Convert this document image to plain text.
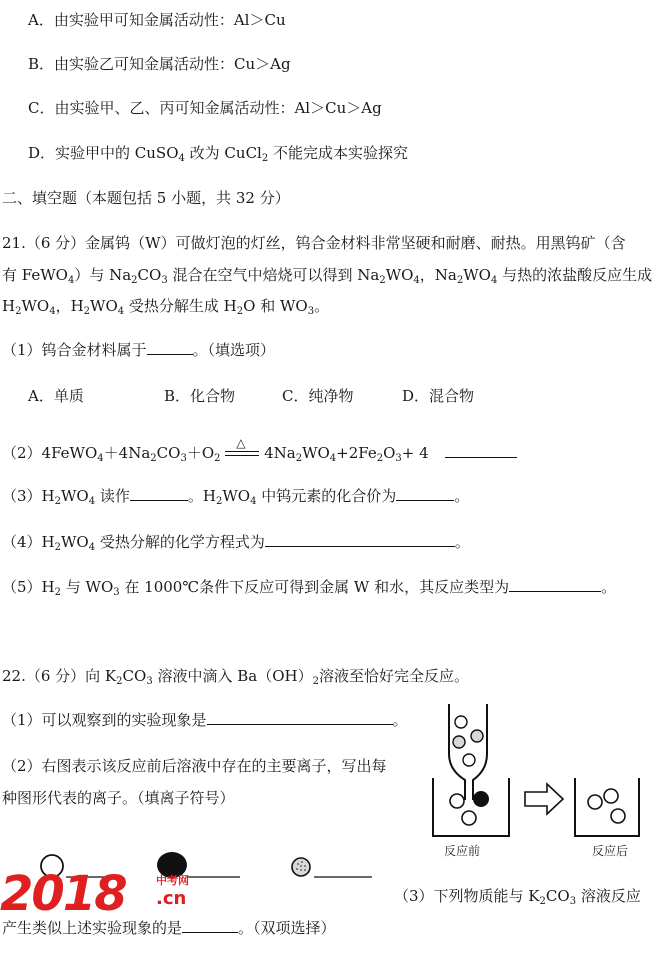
A．由实验甲可知金属活动性：Al＞Cu
B．由实验乙可知金属活动性：Cu＞Ag
C．由实验甲、乙、丙可知金属活动性：Al＞Cu＞Ag
D．实验甲中的 CuSO$_4$ 改为 CuCl$_2$ 不能完成本实验探究
二、填空题（本题包括 5 小题，共 32 分）
21.（6 分）金属钨（W）可做灯泡的灯丝，钨合金材料非常坚硬和耐磨、耐热。用黑钨矿（含
有 FeWO$_4$）与 $Na_2CO_3$ 混合在空气中焙烧可以得到 $Na_2WO_4$，$Na_2WO_4$ 与热的浓盐酸反应生成
$H_2WO_4$，$H_2WO_4$ 受热分解生成 $H_2O$ 和 $WO_3$。
（1）钨合金材料属于	。（填选项）
A．单质	B．化合物	C．纯净物	D．混合物
$(2)4FeWO_4+4Na_2CO_3+O_2$
△
$4Na_2WO_4+2Fe_2O_3+ 4$
$(3)H_2WO_4$ 读作	。$H_2WO_4$ 中钨元素的化合价为	。
$(4)H_2WO_4$ 受热分解的化学方程式为	。
$(5)H_2$ 与 $WO_3$ 在 1000℃条件下反应可得到金属 W 和水，其反应类型为	。
22.（6 分）向 $K_2CO_3$ 溶液中滴入 $Ba(OH)_2$溶液至恰好完全反应。
（1）可以观察到的实验现象是	。
（2）右图表示该反应前后溶液中存在的主要离子，写出每
种图形代表的离子。（填离子符号）
反应前	反应后
（3）下列物质能与 $K_2CO_3$ 溶液反应
产生类似上述实验现象的是	。（双项选择）
2018	中考网
.cn
